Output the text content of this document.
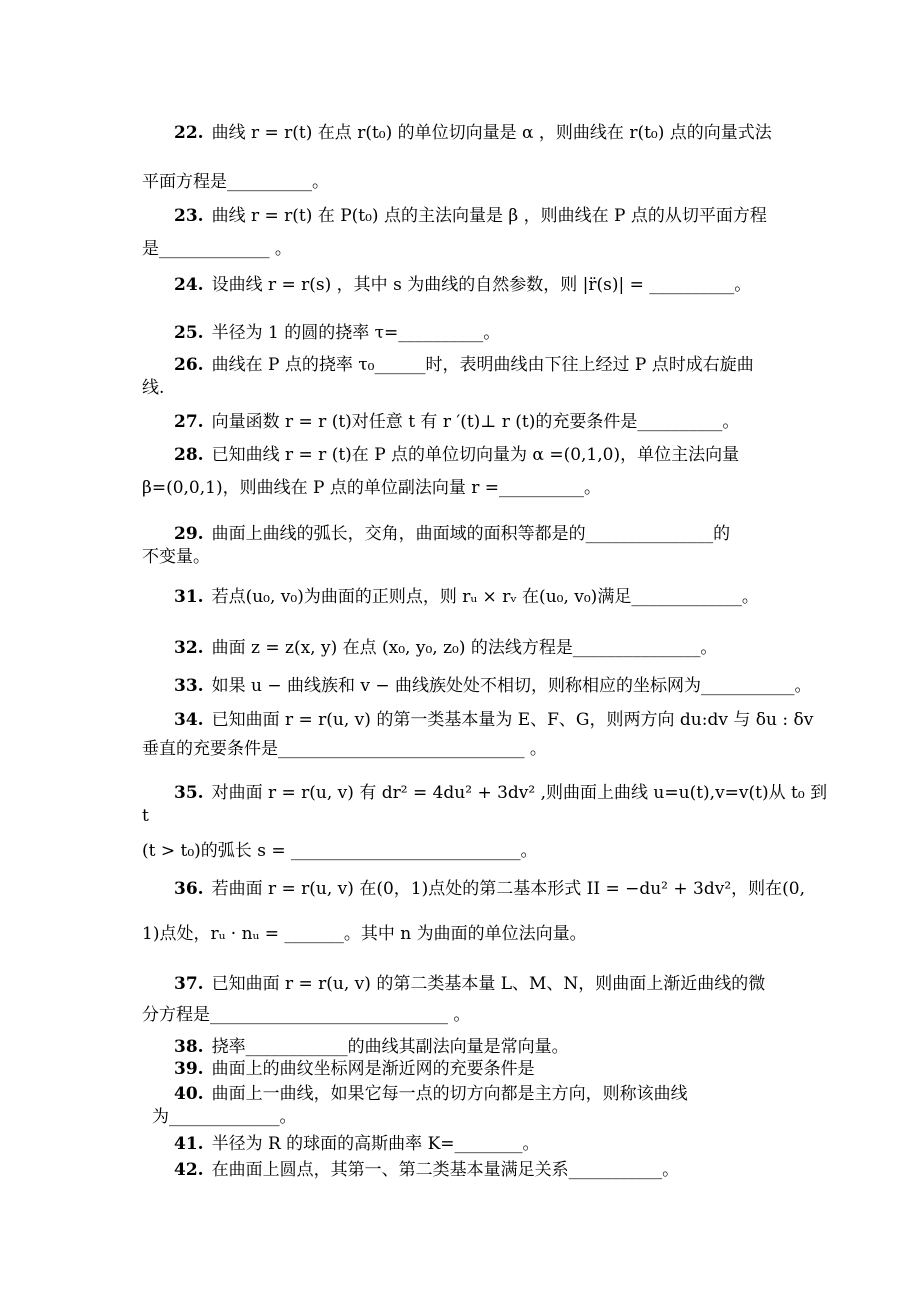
22. 曲线 r = r(t) 在点 r(t₀) 的单位切向量是 α ，则曲线在 r(t₀) 点的向量式法
平面方程是__________。
23. 曲线 r = r(t) 在 P(t₀) 点的主法向量是 β ，则曲线在 P 点的从切平面方程
是_____________ 。
24. 设曲线 r = r(s) ，其中 s 为曲线的自然参数，则 |r̈(s)| = __________。
25. 半径为 1 的圆的挠率 τ=__________。
26. 曲线在 P 点的挠率 τ₀______时，表明曲线由下往上经过 P 点时成右旋曲
线.
27. 向量函数 r = r (t)对任意 t 有 r ′(t)⊥ r (t)的充要条件是__________。
28. 已知曲线 r = r (t)在 P 点的单位切向量为 α =(0,1,0)，单位主法向量
β=(0,0,1)，则曲线在 P 点的单位副法向量 r =__________。
29. 曲面上曲线的弧长，交角，曲面域的面积等都是的_______________的
不变量。
31. 若点(u₀, v₀)为曲面的正则点，则 rᵤ × rᵥ 在(u₀, v₀)满足_____________。
32. 曲面 z = z(x, y) 在点 (x₀, y₀, z₀) 的法线方程是_______________。
33. 如果 u − 曲线族和 v − 曲线族处处不相切，则称相应的坐标网为___________。
34. 已知曲面 r = r(u, v) 的第一类基本量为 E、F、G，则两方向 du:dv 与 δu : δv
垂直的充要条件是_____________________________ 。
35. 对曲面 r = r(u, v) 有 dr² = 4du² + 3dv² ,则曲面上曲线 u=u(t),v=v(t)从 t₀ 到 t
(t > t₀)的弧长 s = ___________________________。
36. 若曲面 r = r(u, v) 在(0，1)点处的第二基本形式 II = −du² + 3dv²，则在(0,
1)点处，rᵤ · nᵤ = _______。其中 n 为曲面的单位法向量。
37. 已知曲面 r = r(u, v) 的第二类基本量 L、M、N，则曲面上渐近曲线的微
分方程是____________________________ 。
38. 挠率____________的曲线其副法向量是常向量。
39. 曲面上的曲纹坐标网是渐近网的充要条件是
40. 曲面上一曲线，如果它每一点的切方向都是主方向，则称该曲线
为_____________。
41. 半径为 R 的球面的高斯曲率 K=________。
42. 在曲面上圆点，其第一、第二类基本量满足关系___________。
